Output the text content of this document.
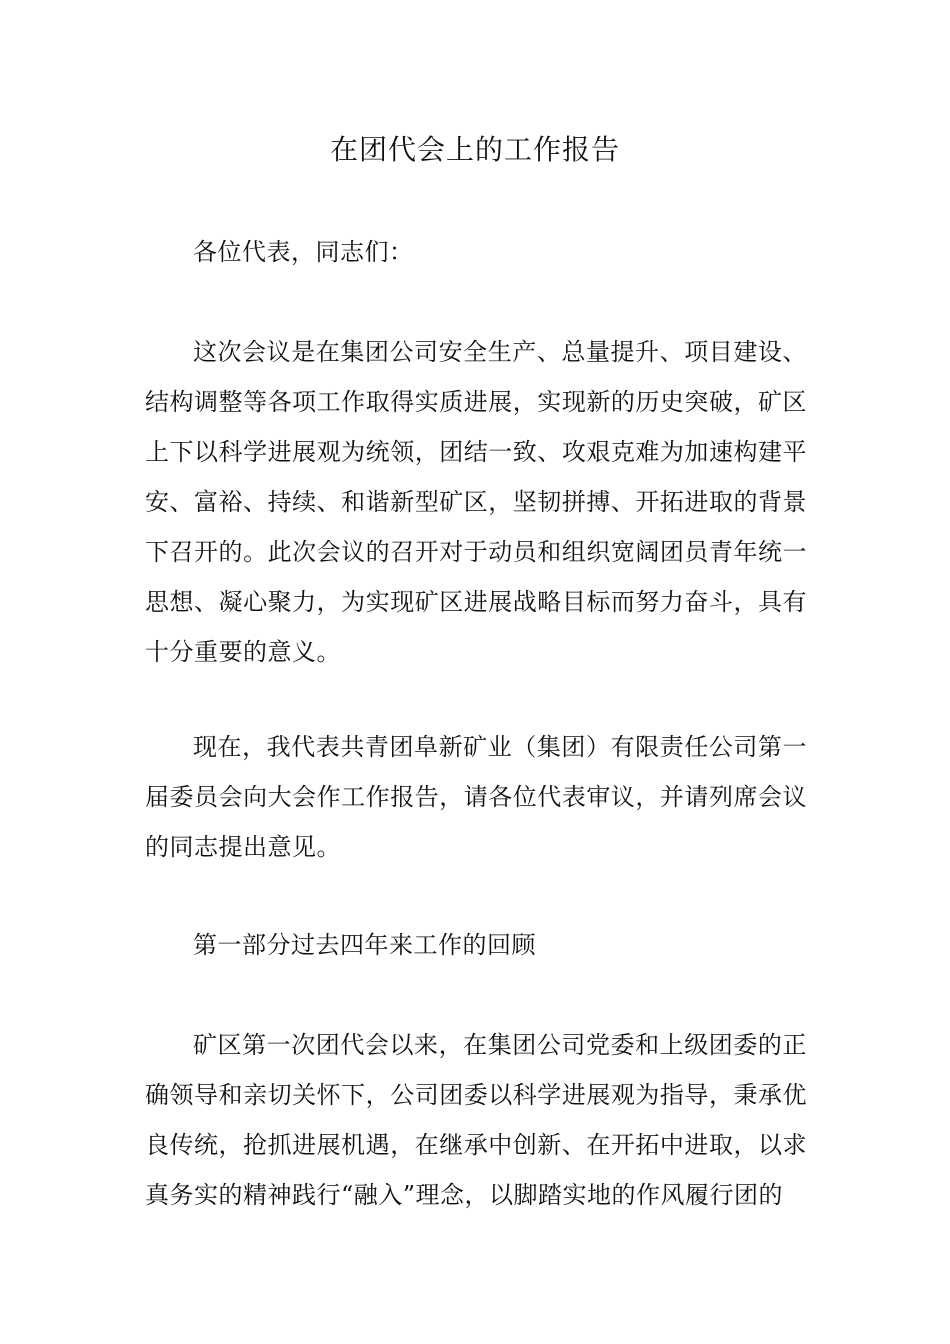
在团代会上的工作报告

各位代表，同志们：

这次会议是在集团公司安全生产、总量提升、项目建设、结构调整等各项工作取得实质进展，实现新的历史突破，矿区上下以科学进展观为统领，团结一致、攻艰克难为加速构建平安、富裕、持续、和谐新型矿区，坚韧拼搏、开拓进取的背景下召开的。此次会议的召开对于动员和组织宽阔团员青年统一思想、凝心聚力，为实现矿区进展战略目标而努力奋斗，具有十分重要的意义。

现在，我代表共青团阜新矿业（集团）有限责任公司第一届委员会向大会作工作报告，请各位代表审议，并请列席会议的同志提出意见。

第一部分过去四年来工作的回顾

矿区第一次团代会以来，在集团公司党委和上级团委的正确领导和亲切关怀下，公司团委以科学进展观为指导，秉承优良传统，抢抓进展机遇，在继承中创新、在开拓中进取，以求真务实的精神践行“融入”理念，以脚踏实地的作风履行团的
